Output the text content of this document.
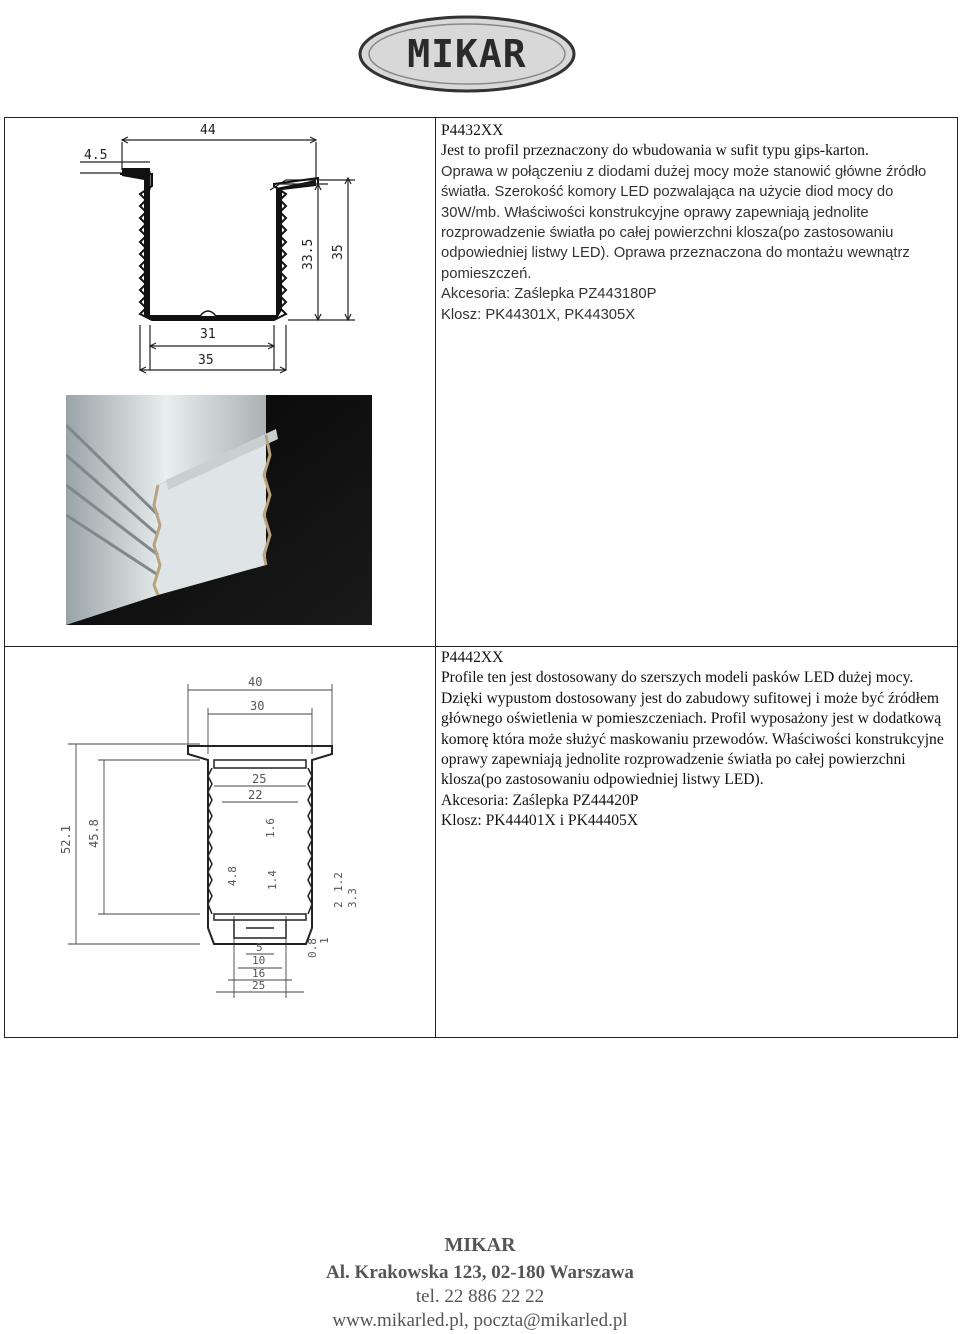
MIKAR
P4432XX
Jest to profil przeznaczony do wbudowania w sufit typu gips-karton.
Oprawa w połączeniu z diodami dużej mocy może stanowić główne źródło światła. Szerokość komory LED pozwalająca na użycie diod mocy do 30W/mb. Właściwości konstrukcyjne oprawy zapewniają jednolite rozprowadzenie światła po całej powierzchni klosza(po zastosowaniu odpowiedniej listwy LED). Oprawa przeznaczona do montażu wewnątrz pomieszczeń.
Akcesoria: Zaślepka PZ443180P
Klosz: PK44301X, PK44305X
44
4.5
31
35
33.5 35
P4442XX
Profile ten jest dostosowany do szerszych modeli pasków LED dużej mocy. Dzięki wypustom dostosowany jest do zabudowy sufitowej i może być źródłem głównego oświetlenia w pomieszczeniach. Profil wyposażony jest w dodatkową komorę która może służyć maskowaniu przewodów. Właściwości konstrukcyjne oprawy zapewniają jednolite rozprowadzenie światła po całej powierzchni klosza(po zastosowaniu odpowiedniej listwy LED).
Akcesoria: Zaślepka PZ44420P
Klosz: PK44401X i PK44405X
40
30
25
22
52.1 45.8	1.6
4.8 1.4	1.2
2 3.3
0.8 1
5
10
16
25
MIKAR
Al. Krakowska 123, 02-180 Warszawa
tel. 22 886 22 22
www.mikarled.pl, poczta@mikarled.pl
